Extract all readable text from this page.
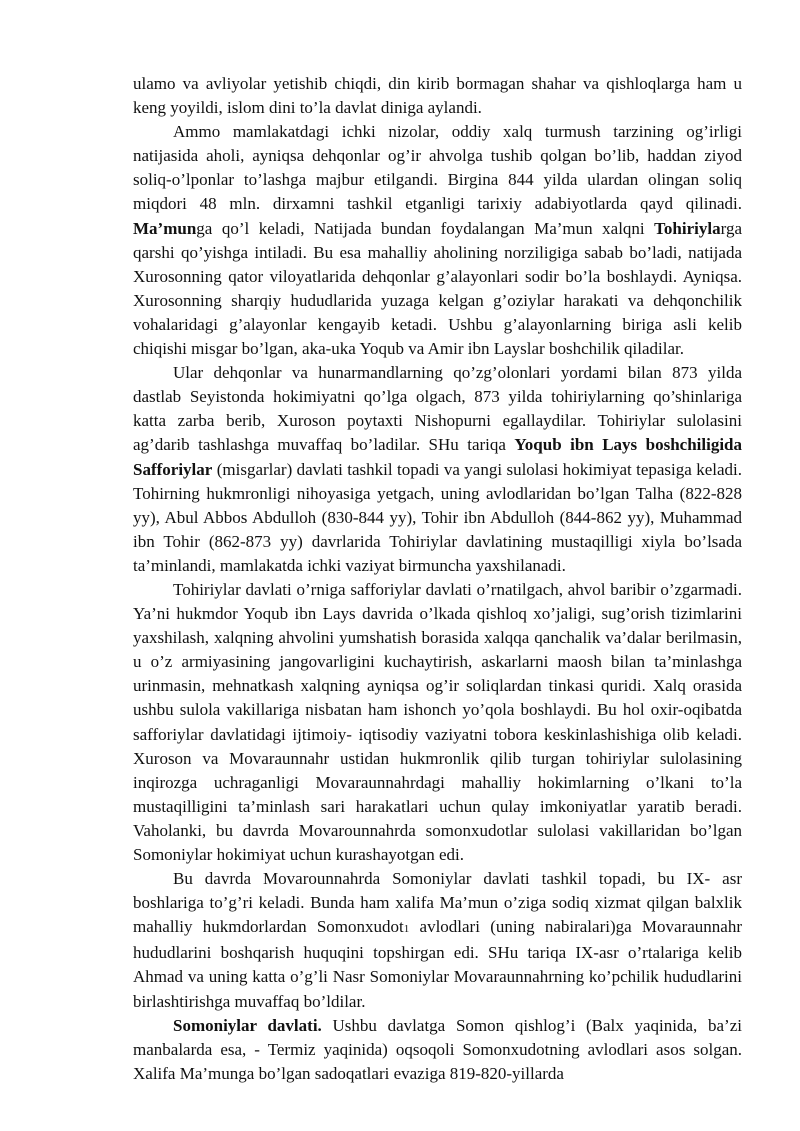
ulamo va avliyolar yetishib chiqdi, din kirib bormagan shahar va qishloqlarga ham u keng yoyildi, islom dini to’la davlat diniga aylandi.

Ammo mamlakatdagi ichki nizolar, oddiy xalq turmush tarzining og’irligi natijasida aholi, ayniqsa dehqonlar og’ir ahvolga tushib qolgan bo’lib, haddan ziyod soliq-o’lponlar to’lashga majbur etilgandi. Birgina 844 yilda ulardan olingan soliq miqdori 48 mln. dirxamni tashkil etganligi tarixiy adabiyotlarda qayd qilinadi. Ma’munga qo’l keladi, Natijada bundan foydalangan Ma’mun xalqni Tohiriylarga qarshi qo’yishga intiladi. Bu esa mahalliy aholining norziligiga sabab bo’ladi, natijada Xurosonning qator viloyatlarida dehqonlar g’alayonlari sodir bo’la boshlaydi. Ayniqsa. Xurosonning sharqiy hududlarida yuzaga kelgan g’oziylar harakati va dehqonchilik vohalaridagi g’alayonlar kengayib ketadi. Ushbu g’alayonlarning biriga asli kelib chiqishi misgar bo’lgan, aka-uka Yoqub va Amir ibn Layslar boshchilik qiladilar.

Ular dehqonlar va hunarmandlarning qo’zg’olonlari yordami bilan 873 yilda dastlab Seyistonda hokimiyatni qo’lga olgach, 873 yilda tohiriylarning qo’shinlariga katta zarba berib, Xuroson poytaxti Nishopurni egallaydilar. Tohiriylar sulolasini ag’darib tashlashga muvaffaq bo’ladilar. SHu tariqa Yoqub ibn Lays boshchiligida Safforiylar (misgarlar) davlati tashkil topadi va yangi sulolasi hokimiyat tepasiga keladi. Tohirning hukmronligi nihoyasiga yetgach, uning avlodlaridan bo’lgan Talha (822-828 yy), Abul Abbos Abdulloh (830-844 yy), Tohir ibn Abdulloh (844-862 yy), Muhammad ibn Tohir (862-873 yy) davrlarida Tohiriylar davlatining mustaqilligi xiyla bo’lsada ta’minlandi, mamlakatda ichki vaziyat birmuncha yaxshilanadi.

Tohiriylar davlati o’rniga safforiylar davlati o’rnatilgach, ahvol baribir o’zgarmadi. Ya’ni hukmdor Yoqub ibn Lays davrida o’lkada qishloq xo’jaligi, sug’orish tizimlarini yaxshilash, xalqning ahvolini yumshatish borasida xalqqa qanchalik va’dalar berilmasin, u o’z armiyasining jangovarligini kuchaytirish, askarlarni maosh bilan ta’minlashga urinmasin, mehnatkash xalqning ayniqsa og’ir soliqlardan tinkasi quridi. Xalq orasida ushbu sulola vakillariga nisbatan ham ishonch yo’qola boshlaydi. Bu hol oxir-oqibatda safforiylar davlatidagi ijtimoiy- iqtisodiy vaziyatni tobora keskinlashishiga olib keladi. Xuroson va Movaraunnahr ustidan hukmronlik qilib turgan tohiriylar sulolasining inqirozga uchraganligi Movaraunnahrdagi mahalliy hokimlarning o’lkani to’la mustaqilligini ta’minlash sari harakatlari uchun qulay imkoniyatlar yaratib beradi. Vaholanki, bu davrda Movarounnahrda somonxudotlar sulolasi vakillaridan bo’lgan Somoniylar hokimiyat uchun kurashayotgan edi.

Bu davrda Movarounnahrda Somoniylar davlati tashkil topadi, bu IX- asr boshlariga to’g’ri keladi. Bunda ham xalifa Ma’mun o’ziga sodiq xizmat qilgan balxlik mahalliy hukmdorlardan Somonxudot1 avlodlari (uning nabiralari)ga Movaraunnahr hududlarini boshqarish huquqini topshirgan edi. SHu tariqa IX-asr o’rtalariga kelib Ahmad va uning katta o’g’li Nasr Somoniylar Movaraunnahrning ko’pchilik hududlarini birlashtirishga muvaffaq bo’ldilar.

Somoniylar davlati. Ushbu davlatga Somon qishlog’i (Balx yaqinida, ba’zi manbalarda esa, - Termiz yaqinida) oqsoqoli Somonxudotning avlodlari asos solgan. Xalifa Ma’munga bo’lgan sadoqatlari evaziga 819-820-yillarda
